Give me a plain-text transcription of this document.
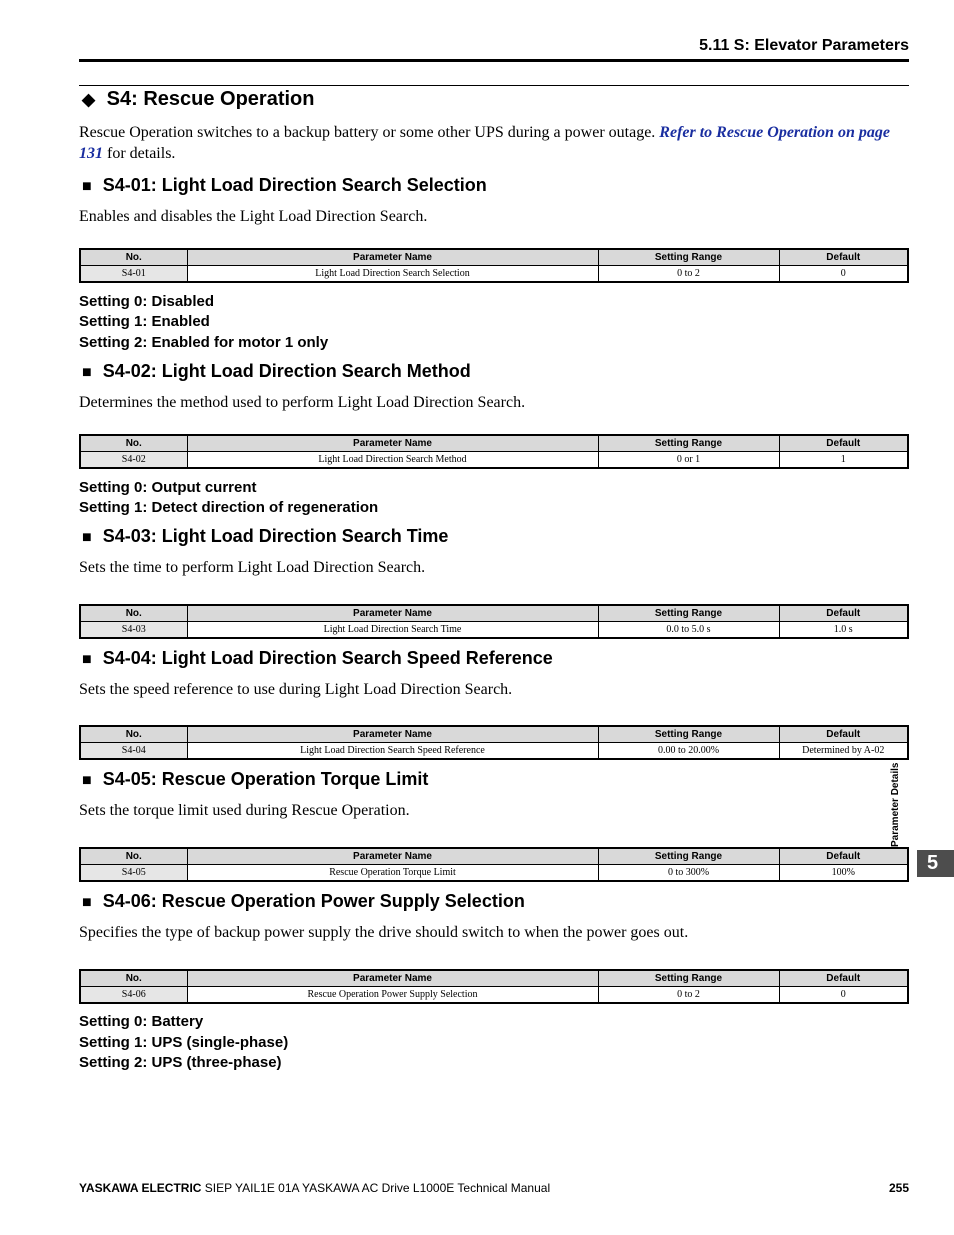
5.11 S: Elevator Parameters
◆ S4: Rescue Operation
Rescue Operation switches to a backup battery or some other UPS during a power outage. Refer to Rescue Operation on page 131 for details.
■ S4-01: Light Load Direction Search Selection
Enables and disables the Light Load Direction Search.
No.	Parameter Name	Setting Range	Default
S4-01	Light Load Direction Search Selection	0 to 2	0
Setting 0: Disabled
Setting 1: Enabled
Setting 2: Enabled for motor 1 only
■ S4-02: Light Load Direction Search Method
Determines the method used to perform Light Load Direction Search.
No.	Parameter Name	Setting Range	Default
S4-02	Light Load Direction Search Method	0 or 1	1
Setting 0: Output current
Setting 1: Detect direction of regeneration
■ S4-03: Light Load Direction Search Time
Sets the time to perform Light Load Direction Search.
No.	Parameter Name	Setting Range	Default
S4-03	Light Load Direction Search Time	0.0 to 5.0 s	1.0 s
■ S4-04: Light Load Direction Search Speed Reference
Sets the speed reference to use during Light Load Direction Search.
No.	Parameter Name	Setting Range	Default
S4-04	Light Load Direction Search Speed Reference	0.00 to 20.00%	Determined by A-02
■ S4-05: Rescue Operation Torque Limit
Sets the torque limit used during Rescue Operation.
No.	Parameter Name	Setting Range	Default
S4-05	Rescue Operation Torque Limit	0 to 300%	100%
■ S4-06: Rescue Operation Power Supply Selection
Specifies the type of backup power supply the drive should switch to when the power goes out.
No.	Parameter Name	Setting Range	Default
S4-06	Rescue Operation Power Supply Selection	0 to 2	0
Setting 0: Battery
Setting 1: UPS (single-phase)
Setting 2: UPS (three-phase)
Parameter Details
5
YASKAWA ELECTRIC SIEP YAIL1E 01A YASKAWA AC Drive L1000E Technical Manual	255
